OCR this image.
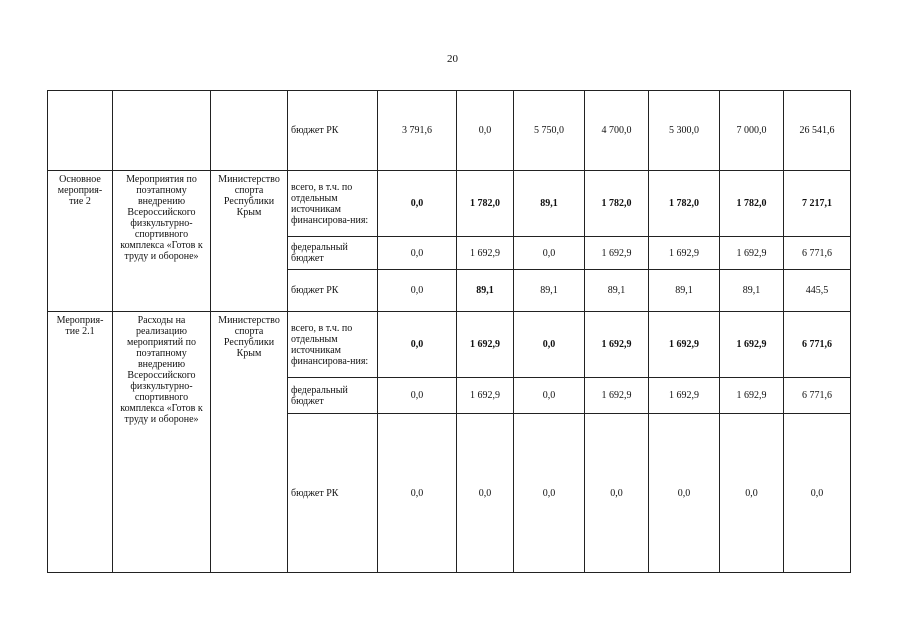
20
			бюджет РК	3 791,6	0,0	5 750,0	4 700,0	5 300,0	7 000,0	26 541,6
Основное мероприя-тие 2	Мероприятия по поэтапному внедрению Всероссийского физкультурно-спортивного комплекса «Готов к труду и обороне»	Министерство спорта Республики Крым	всего, в т.ч. по отдельным источникам финансирова-ния:	0,0	1 782,0	89,1	1 782,0	1 782,0	1 782,0	7 217,1
			федеральный бюджет	0,0	1 692,9	0,0	1 692,9	1 692,9	1 692,9	6 771,6
			бюджет РК	0,0	89,1	89,1	89,1	89,1	89,1	445,5
Мероприя-тие 2.1	Расходы на реализацию мероприятий по поэтапному внедрению Всероссийского физкультурно-спортивного комплекса «Готов к труду и обороне»	Министерство спорта Республики Крым	всего, в т.ч. по отдельным источникам финансирова-ния:	0,0	1 692,9	0,0	1 692,9	1 692,9	1 692,9	6 771,6
			федеральный бюджет	0,0	1 692,9	0,0	1 692,9	1 692,9	1 692,9	6 771,6
			бюджет РК	0,0	0,0	0,0	0,0	0,0	0,0	0,0
